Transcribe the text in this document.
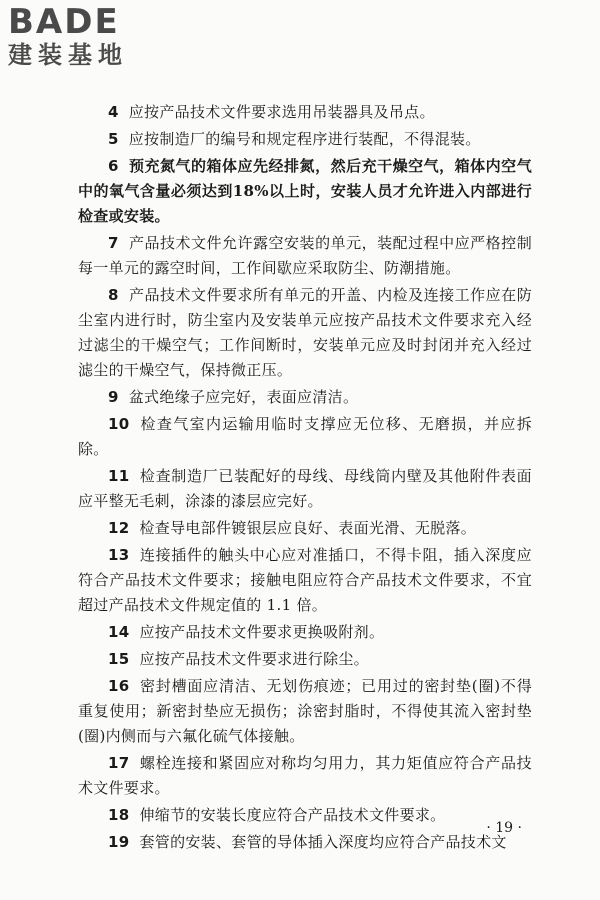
BADE
建装基地

4 应按产品技术文件要求选用吊装器具及吊点。

5 应按制造厂的编号和规定程序进行装配，不得混装。

6 预充氮气的箱体应先经排氮，然后充干燥空气，箱体内空气中的氧气含量必须达到18%以上时，安装人员才允许进入内部进行检查或安装。

7 产品技术文件允许露空安装的单元，装配过程中应严格控制每一单元的露空时间，工作间歇应采取防尘、防潮措施。

8 产品技术文件要求所有单元的开盖、内检及连接工作应在防尘室内进行时，防尘室内及安装单元应按产品技术文件要求充入经过滤尘的干燥空气；工作间断时，安装单元应及时封闭并充入经过滤尘的干燥空气，保持微正压。

9 盆式绝缘子应完好，表面应清洁。

10 检查气室内运输用临时支撑应无位移、无磨损，并应拆除。

11 检查制造厂已装配好的母线、母线筒内壁及其他附件表面应平整无毛刺，涂漆的漆层应完好。

12 检查导电部件镀银层应良好、表面光滑、无脱落。

13 连接插件的触头中心应对准插口，不得卡阻，插入深度应符合产品技术文件要求；接触电阻应符合产品技术文件要求，不宜超过产品技术文件规定值的 1.1 倍。

14 应按产品技术文件要求更换吸附剂。

15 应按产品技术文件要求进行除尘。

16 密封槽面应清洁、无划伤痕迹；已用过的密封垫(圈)不得重复使用；新密封垫应无损伤；涂密封脂时，不得使其流入密封垫(圈)内侧而与六氟化硫气体接触。

17 螺栓连接和紧固应对称均匀用力，其力矩值应符合产品技术文件要求。

18 伸缩节的安装长度应符合产品技术文件要求。

19 套管的安装、套管的导体插入深度均应符合产品技术文

· 19 ·
